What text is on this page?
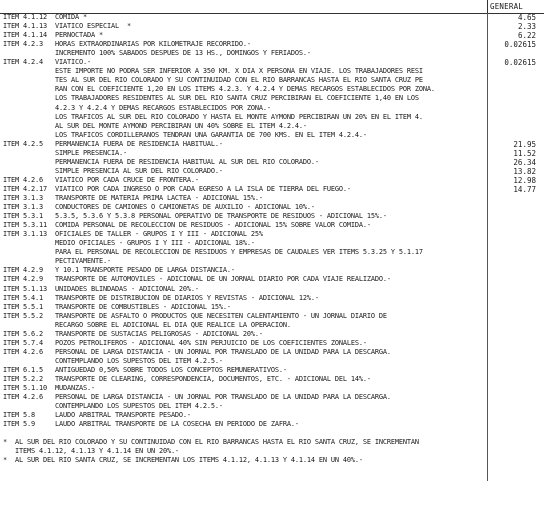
GENERAL
ITEM 4.1.12  COMIDA *
ITEM 4.1.13  VIATICO ESPECIAL  *
ITEM 4.1.14  PERNOCTADA *
ITEM 4.2.3   HORAS EXTRAORDINARIAS POR KILOMETRAJE RECORRIDO.-
INCREMENTO 100% SABADOS DESPUES DE 13 HS., DOMINGOS Y FERIADOS.-
ITEM 4.2.4   VIATICO.-
ESTE IMPORTE NO PODRA SER INFERIOR A 350 KM. X DIA X PERSONA EN VIAJE. LOS TRABAJADORES RESI
TES AL SUR DEL RIO COLORADO Y SU CONTINUIDAD CON EL RIO BARRANCAS HASTA EL RIO SANTA CRUZ PE
RAN CON EL COEFICIENTE 1,20 EN LOS ITEMS 4.2.3. Y 4.2.4 Y DEMAS RECARGOS ESTABLECIDOS POR ZONA.
LOS TRABAJADORES RESIDENTES AL SUR DEL RIO SANTA CRUZ PERCIBIRAN EL COEFICIENTE 1,40 EN LOS
4.2.3 Y 4.2.4 Y DEMAS RECARGOS ESTABLECIDOS POR ZONA.-
LOS TRAFICOS AL SUR DEL RIO COLORADO Y HASTA EL MONTE AYMOND PERCIBIRAN UN 20% EN EL ITEM 4.
AL SUR DEL MONTE AYMOND PERCIBIRAN UN 40% SOBRE EL ITEM 4.2.4.-
LOS TRAFICOS CORDILLERANOS TENDRAN UNA GARANTIA DE 700 KMS. EN EL ITEM 4.2.4.-
ITEM 4.2.5   PERMANENCIA FUERA DE RESIDENCIA HABITUAL.-
SIMPLE PRESENCIA.-
PERMANENCIA FUERA DE RESIDENCIA HABITUAL AL SUR DEL RIO COLORADO.-
SIMPLE PRESENCIA AL SUR DEL RIO COLORADO.-
ITEM 4.2.6   VIATICO POR CADA CRUCE DE FRONTERA.-
ITEM 4.2.17  VIATICO POR CADA INGRESO O POR CADA EGRESO A LA ISLA DE TIERRA DEL FUEGO.-
ITEM 3.1.3   TRANSPORTE DE MATERIA PRIMA LACTEA - ADICIONAL 15%.-
ITEM 3.1.3   CONDUCTORES DE CAMIONES O CAMIONETAS DE AUXILIO - ADICIONAL 10%.-
ITEM 5.3.1   5.3.5, 5.3.6 Y 5.3.8 PERSONAL OPERATIVO DE TRANSPORTE DE RESIDUOS - ADICIONAL 15%.-
ITEM 5.3.11  COMIDA PERSONAL DE RECOLECCION DE RESIDUOS - ADICIONAL 15% SOBRE VALOR COMIDA.-
ITEM 3.1.13  OFICIALES DE TALLER - GRUPOS I Y III - ADICIONAL 25%
MEDIO OFICIALES - GRUPOS I Y III - ADICIONAL 18%.-
PARA EL PERSONAL DE RECOLECCION DE RESIDUOS Y EMPRESAS DE CAUDALES VER ITEMS 5.3.25 Y 5.1.17
PECTIVAMENTE.-
ITEM 4.2.9   Y 10.1 TRANSPORTE PESADO DE LARGA DISTANCIA.-
ITEM 4.2.9   TRANSPORTE DE AUTOMOVILES - ADICIONAL DE UN JORNAL DIARIO POR CADA VIAJE REALIZADO.-
ITEM 5.1.13  UNIDADES BLINDADAS - ADICIONAL 20%.-
ITEM 5.4.1   TRANSPORTE DE DISTRIBUCION DE DIARIOS Y REVISTAS - ADICIONAL 12%.-
ITEM 5.5.1   TRANSPORTE DE COMBUSTIBLES - ADICIONAL 15%.-
ITEM 5.5.2   TRANSPORTE DE ASFALTO O PRODUCTOS QUE NECESITEN CALENTAMIENTO - UN JORNAL DIARIO DE
RECARGO SOBRE EL ADICIONAL EL DIA QUE REALICE LA OPERACION.
ITEM 5.6.2   TRANSPORTE DE SUSTACIAS PELIGROSAS - ADICIONAL 20%.-
ITEM 5.7.4   POZOS PETROLIFEROS - ADICIONAL 40% SIN PERJUICIO DE LOS COEFICIENTES ZONALES.-
ITEM 4.2.6   PERSONAL DE LARGA DISTANCIA - UN JORNAL POR TRANSLADO DE LA UNIDAD PARA LA DESCARGA.
CONTEMPLANDO LOS SUPESTOS DEL ITEM 4.2.5.-
ITEM 6.1.5   ANTIGUEDAD 0,50% SOBRE TODOS LOS CONCEPTOS REMUNERATIVOS.-
ITEM 5.2.2   TRANSPORTE DE CLEARING, CORRESPONDENCIA, DOCUMENTOS, ETC. - ADICIONAL DEL 14%.-
ITEM 5.1.10  MUDANZAS.-
ITEM 4.2.6   PERSONAL DE LARGA DISTANCIA - UN JORNAL POR TRANSLADO DE LA UNIDAD PARA LA DESCARGA.
CONTEMPLANDO LOS SUPESTOS DEL ITEM 4.2.5.-
ITEM 5.8     LAUDO ARBITRAL TRANSPORTE PESADO.-
ITEM 5.9     LAUDO ARBITRAL TRANSPORTE DE LA COSECHA EN PERIODO DE ZAFRA.-
*  AL SUR DEL RIO COLORADO Y SU CONTINUIDAD CON EL RIO BARRANCAS HASTA EL RIO SANTA CRUZ, SE INCREMENTAN
ITEMS 4.1.12, 4.1.13 Y 4.1.14 EN UN 20%.-
*  AL SUR DEL RIO SANTA CRUZ, SE INCREMENTAN LOS ITEMS 4.1.12, 4.1.13 Y 4.1.14 EN UN 40%.-
4.65
2.33
6.22
0.02615
0.02615
21.95
11.52
26.34
13.82
12.98
14.77
